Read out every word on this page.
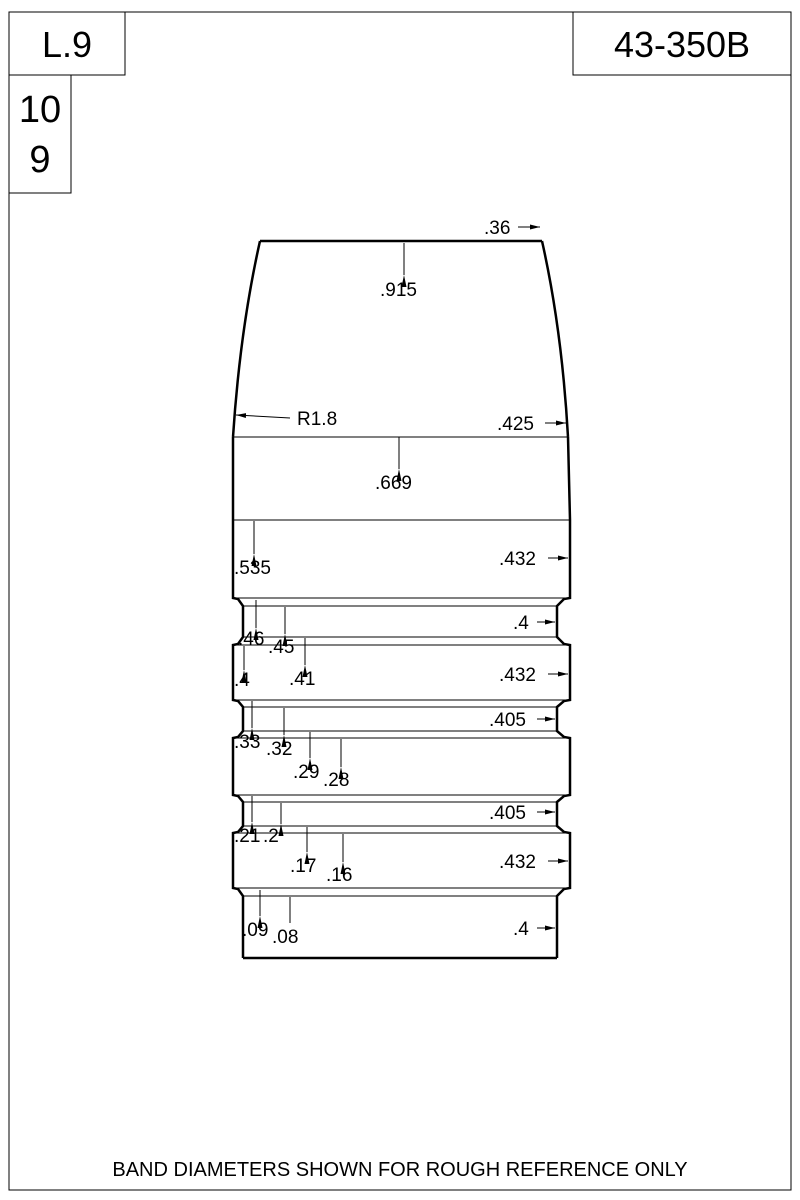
L.9	43-350B
10
9
.36
.915
R1.8	.425
.669
.535	.432
.4
.46 .45
.41
.4	.432
.405
.33 .32
.29 .28
.405
.21 .2
.17 .16
.432
.09 .08	.4
BAND DIAMETERS SHOWN FOR ROUGH REFERENCE ONLY
